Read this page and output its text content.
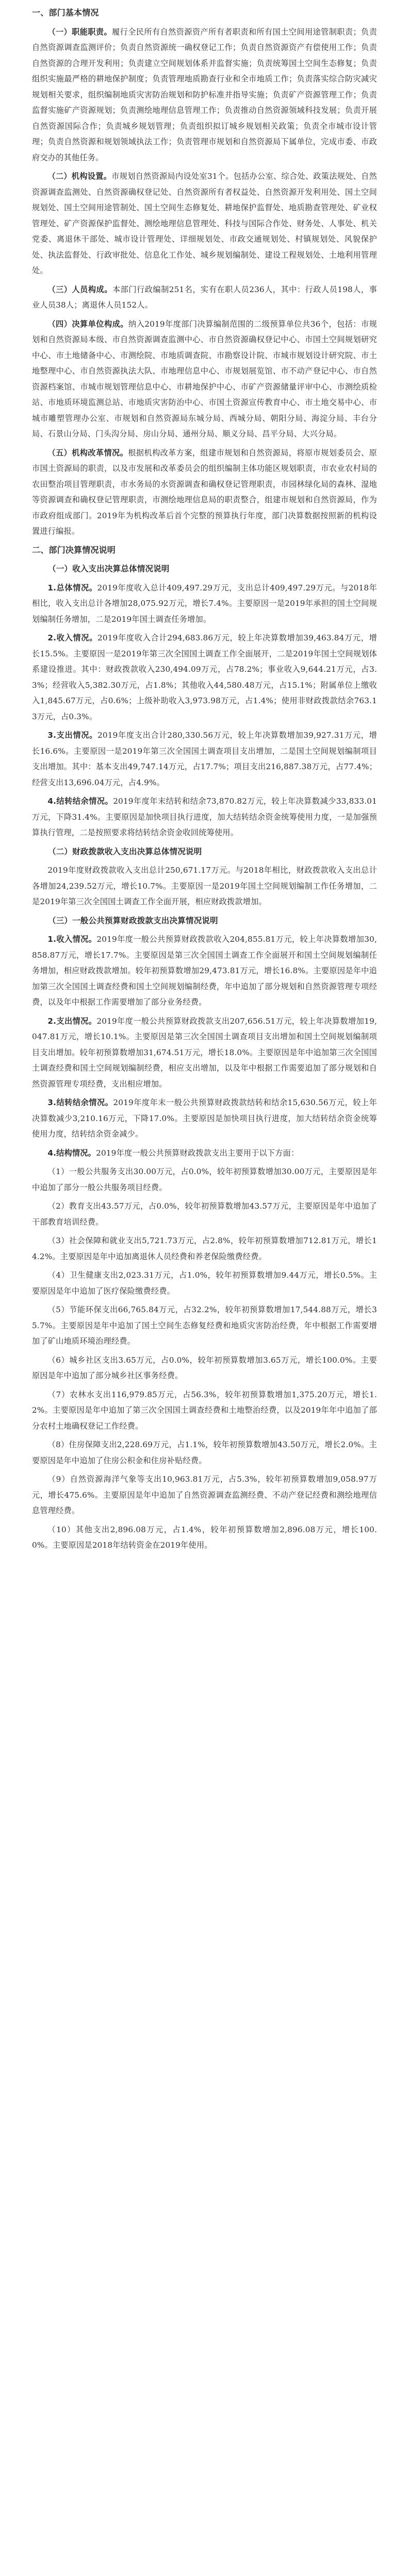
一、部门基本情况

（一）职能职责。履行全民所有自然资源资产所有者职责和所有国土空间用途管制职责；负责自然资源调查监测评价；负责自然资源统一确权登记工作；负责自然资源资产有偿使用工作；负责自然资源的合理开发利用；负责建立空间规划体系并监督实施；负责统筹国土空间生态修复；负责组织实施最严格的耕地保护制度；负责管理地质勘查行业和全市地质工作；负责落实综合防灾减灾规划相关要求，组织编制地质灾害防治规划和防护标准并指导实施；负责矿产资源管理工作；负责监督实施矿产资源规划；负责测绘地理信息管理工作；负责推动自然资源领域科技发展；负责开展自然资源国际合作；负责城乡规划管理；负责组织拟订城乡规划相关政策；负责全市城市设计管理；负责自然资源和规划领域执法工作；负责管理市规划和自然资源局下属单位，完成市委、市政府交办的其他任务。

（二）机构设置。市规划自然资源局内设处室31个。包括办公室、综合处、政策法规处、自然资源调查监测处、自然资源确权登记处、自然资源所有者权益处、自然资源开发利用处、国土空间规划处、国土空间用途管制处、国土空间生态修复处、耕地保护监督处、地质勘查管理处、矿业权管理处、矿产资源保护监督处、测绘地理信息管理处、科技与国际合作处、财务处、人事处、机关党委、离退休干部处、城市设计管理处、详细规划处、市政交通规划处、村镇规划处、风貌保护处、执法监督处、行政审批处、信息化工作处、城乡规划编制处、建设工程规划处、土地利用管理处。

（三）人员构成。本部门行政编制251名，实有在职人员236人，其中：行政人员198人，事业人员38人；离退休人员152人。

（四）决算单位构成。纳入2019年度部门决算编制范围的二级预算单位共36个，包括：市规划和自然资源局本级、市自然资源调查监测中心、市自然资源确权登记中心、市国土空间规划研究中心、市土地储备中心、市测绘院、市地质调查院、市勘察设计院、市城市规划设计研究院、市土地整理中心、市自然资源执法大队、市地理信息中心、市规划展览馆、市不动产登记中心、市自然资源档案馆、市城市规划管理信息中心、市耕地保护中心、市矿产资源储量评审中心、市测绘质检站、市地质环境监测总站、市地质灾害防治中心、市国土资源宣传教育中心、市土地交易中心、市城市雕塑管理办公室、市规划和自然资源局东城分局、西城分局、朝阳分局、海淀分局、丰台分局、石景山分局、门头沟分局、房山分局、通州分局、顺义分局、昌平分局、大兴分局。

（五）机构改革情况。根据机构改革方案，组建市规划和自然资源局，将原市规划委员会、原市国土资源局的职责，以及市发展和改革委员会的组织编制主体功能区规划职责，市农业农村局的农田整治项目管理职责，市水务局的水资源调查和确权登记管理职责，市园林绿化局的森林、湿地等资源调查和确权登记管理职责，市测绘地理信息局的职责整合，组建市规划和自然资源局，作为市政府组成部门。2019年为机构改革后首个完整的预算执行年度，部门决算数据按照新的机构设置进行编报。

二、部门决算情况说明
（一）收入支出决算总体情况说明

1.总体情况。2019年度收入总计409,497.29万元，支出总计409,497.29万元。与2018年相比，收入支出总计各增加28,075.92万元，增长7.4%。主要原因一是2019年承担的国土空间规划编制任务增加，二是2019年国土调查任务增加。

2.收入情况。2019年度收入合计294,683.86万元，较上年决算数增加39,463.84万元，增长15.5%。主要原因一是2019年第三次全国国土调查工作全面展开，二是2019年国土空间规划体系建设推进。其中：财政拨款收入230,494.09万元，占78.2%；事业收入9,644.21万元，占3.3%；经营收入5,382.30万元，占1.8%；其他收入44,580.48万元，占15.1%；附属单位上缴收入1,845.67万元，占0.6%；上级补助收入3,973.98万元，占1.4%；使用非财政拨款结余763.13万元，占0.3%。

3.支出情况。2019年度支出合计280,330.56万元，较上年决算数增加39,927.31万元，增长16.6%。主要原因一是2019年第三次全国国土调查项目支出增加，二是国土空间规划编制项目支出增加。其中：基本支出49,747.14万元，占17.7%；项目支出216,887.38万元，占77.4%；经营支出13,696.04万元，占4.9%。

4.结转结余情况。2019年度年末结转和结余73,870.82万元，较上年决算数减少33,833.01万元，下降31.4%。主要原因是加快项目执行进度，加大结转结余资金统筹使用力度，一是加强预算执行管理，二是按照要求将结转结余资金收回统筹使用。

（二）财政拨款收入支出决算总体情况说明

2019年度财政拨款收入支出总计250,671.17万元。与2018年相比，财政拨款收入支出总计各增加24,239.52万元，增长10.7%。主要原因一是2019年国土空间规划编制工作任务增加，二是2019年第三次全国国土调查工作全面开展，相应财政拨款增加。

（三）一般公共预算财政拨款支出决算情况说明

1.收入情况。2019年度一般公共预算财政拨款收入204,855.81万元，较上年决算数增加30,858.87万元，增长17.7%。主要原因是第三次全国国土调查工作全面展开和国土空间规划编制任务增加，相应财政拨款增加。较年初预算数增加29,473.81万元，增长16.8%。主要原因是年中追加第三次全国国土调查经费和国土空间规划编制经费，年中追加了部分规划和自然资源管理专项经费，以及年中根据工作需要增加了部分业务经费。

2.支出情况。2019年度一般公共预算财政拨款支出207,656.51万元，较上年决算数增加19,047.81万元，增长10.1%。主要原因是第三次全国国土调查项目支出增加和国土空间规划编制项目支出增加。较年初预算数增加31,674.51万元，增长18.0%。主要原因是年中追加第三次全国国土调查经费和国土空间规划编制经费，相应支出增加，以及年中根据工作需要追加了部分规划和自然资源管理专项经费，支出相应增加。

3.结转结余情况。2019年度年末一般公共预算财政拨款结转和结余15,630.56万元，较上年决算数减少3,210.16万元，下降17.0%。主要原因是加快项目执行进度，加大结转结余资金统筹使用力度，结转结余资金减少。

4.结构情况。2019年度一般公共预算财政拨款支出主要用于以下方面：

（1）一般公共服务支出30.00万元，占0.0%，较年初预算数增加30.00万元，主要原因是年中追加了部分一般公共服务项目经费。

（2）教育支出43.57万元，占0.0%，较年初预算数增加43.57万元，主要原因是年中追加了干部教育培训经费。

（3）社会保障和就业支出5,721.73万元，占2.8%，较年初预算数增加712.81万元，增长14.2%。主要原因是年中追加离退休人员经费和养老保险缴费经费。

（4）卫生健康支出2,023.31万元，占1.0%，较年初预算数增加9.44万元，增长0.5%。主要原因是年中追加了医疗保险缴费经费。

（5）节能环保支出66,765.84万元，占32.2%，较年初预算数增加17,544.88万元，增长35.7%。主要原因是年中追加了国土空间生态修复经费和地质灾害防治经费，年中根据工作需要增加了矿山地质环境治理经费。

（6）城乡社区支出3.65万元，占0.0%，较年初预算数增加3.65万元，增长100.0%。主要原因是年中追加了部分城乡社区事务经费。

（7）农林水支出116,979.85万元，占56.3%，较年初预算数增加1,375.20万元，增长1.2%。主要原因是年中追加了第三次全国国土调查经费和土地整治经费，以及2019年年中追加了部分农村土地确权登记工作经费。

（8）住房保障支出2,228.69万元，占1.1%，较年初预算数增加43.50万元，增长2.0%。主要原因是年中追加了住房公积金和住房补贴经费。

（9）自然资源海洋气象等支出10,963.81万元，占5.3%，较年初预算数增加9,058.97万元，增长475.6%。主要原因是年中追加了自然资源调查监测经费、不动产登记经费和测绘地理信息管理经费。

（10）其他支出2,896.08万元，占1.4%，较年初预算数增加2,896.08万元，增长100.0%。主要原因是2018年结转资金在2019年使用。
